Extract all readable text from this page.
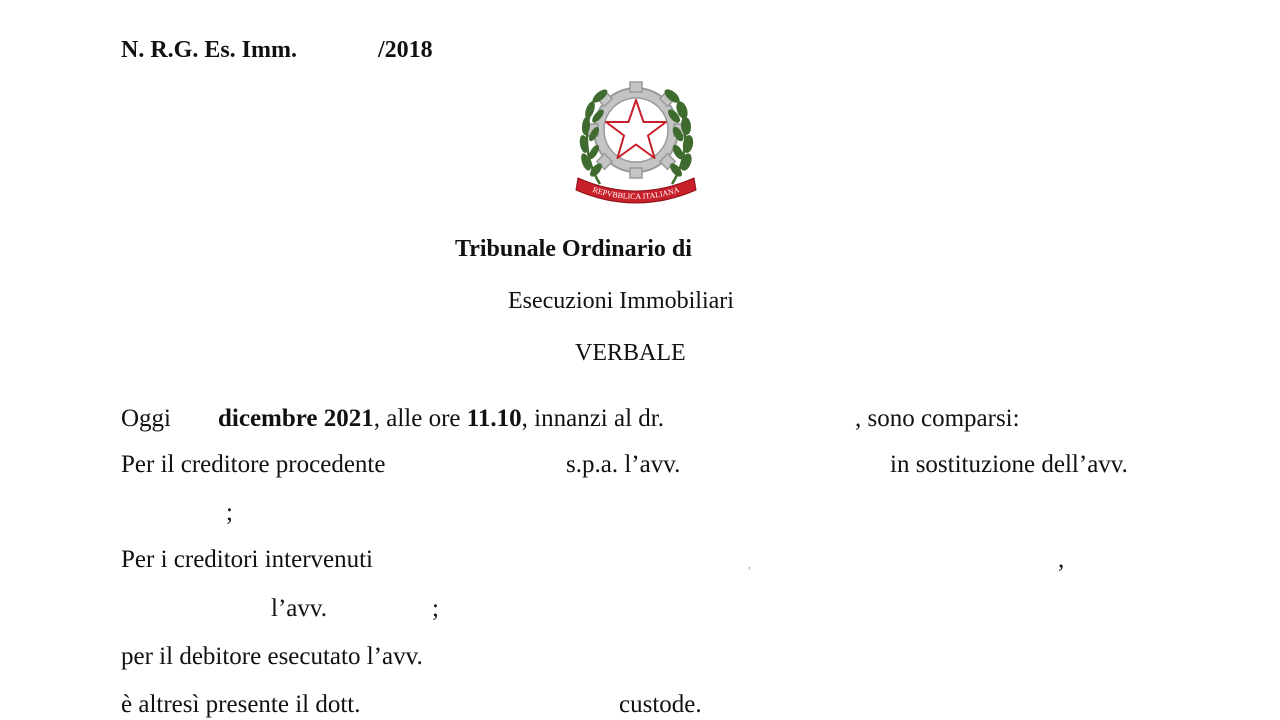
N. R.G. Es. Imm.	/2018
REPVBBLICA ITALIANA
Tribunale Ordinario di
Esecuzioni Immobiliari
VERBALE
Oggi dicembre 2021, alle ore 11.10, innanzi al dr.	, sono comparsi:
Per il creditore procedente	s.p.a. l’avv.	in sostituzione dell’avv.
;
Per i creditori intervenuti	,	,
l’avv.	;
per il debitore esecutato l’avv.
è altresì presente il dott.	custode.
